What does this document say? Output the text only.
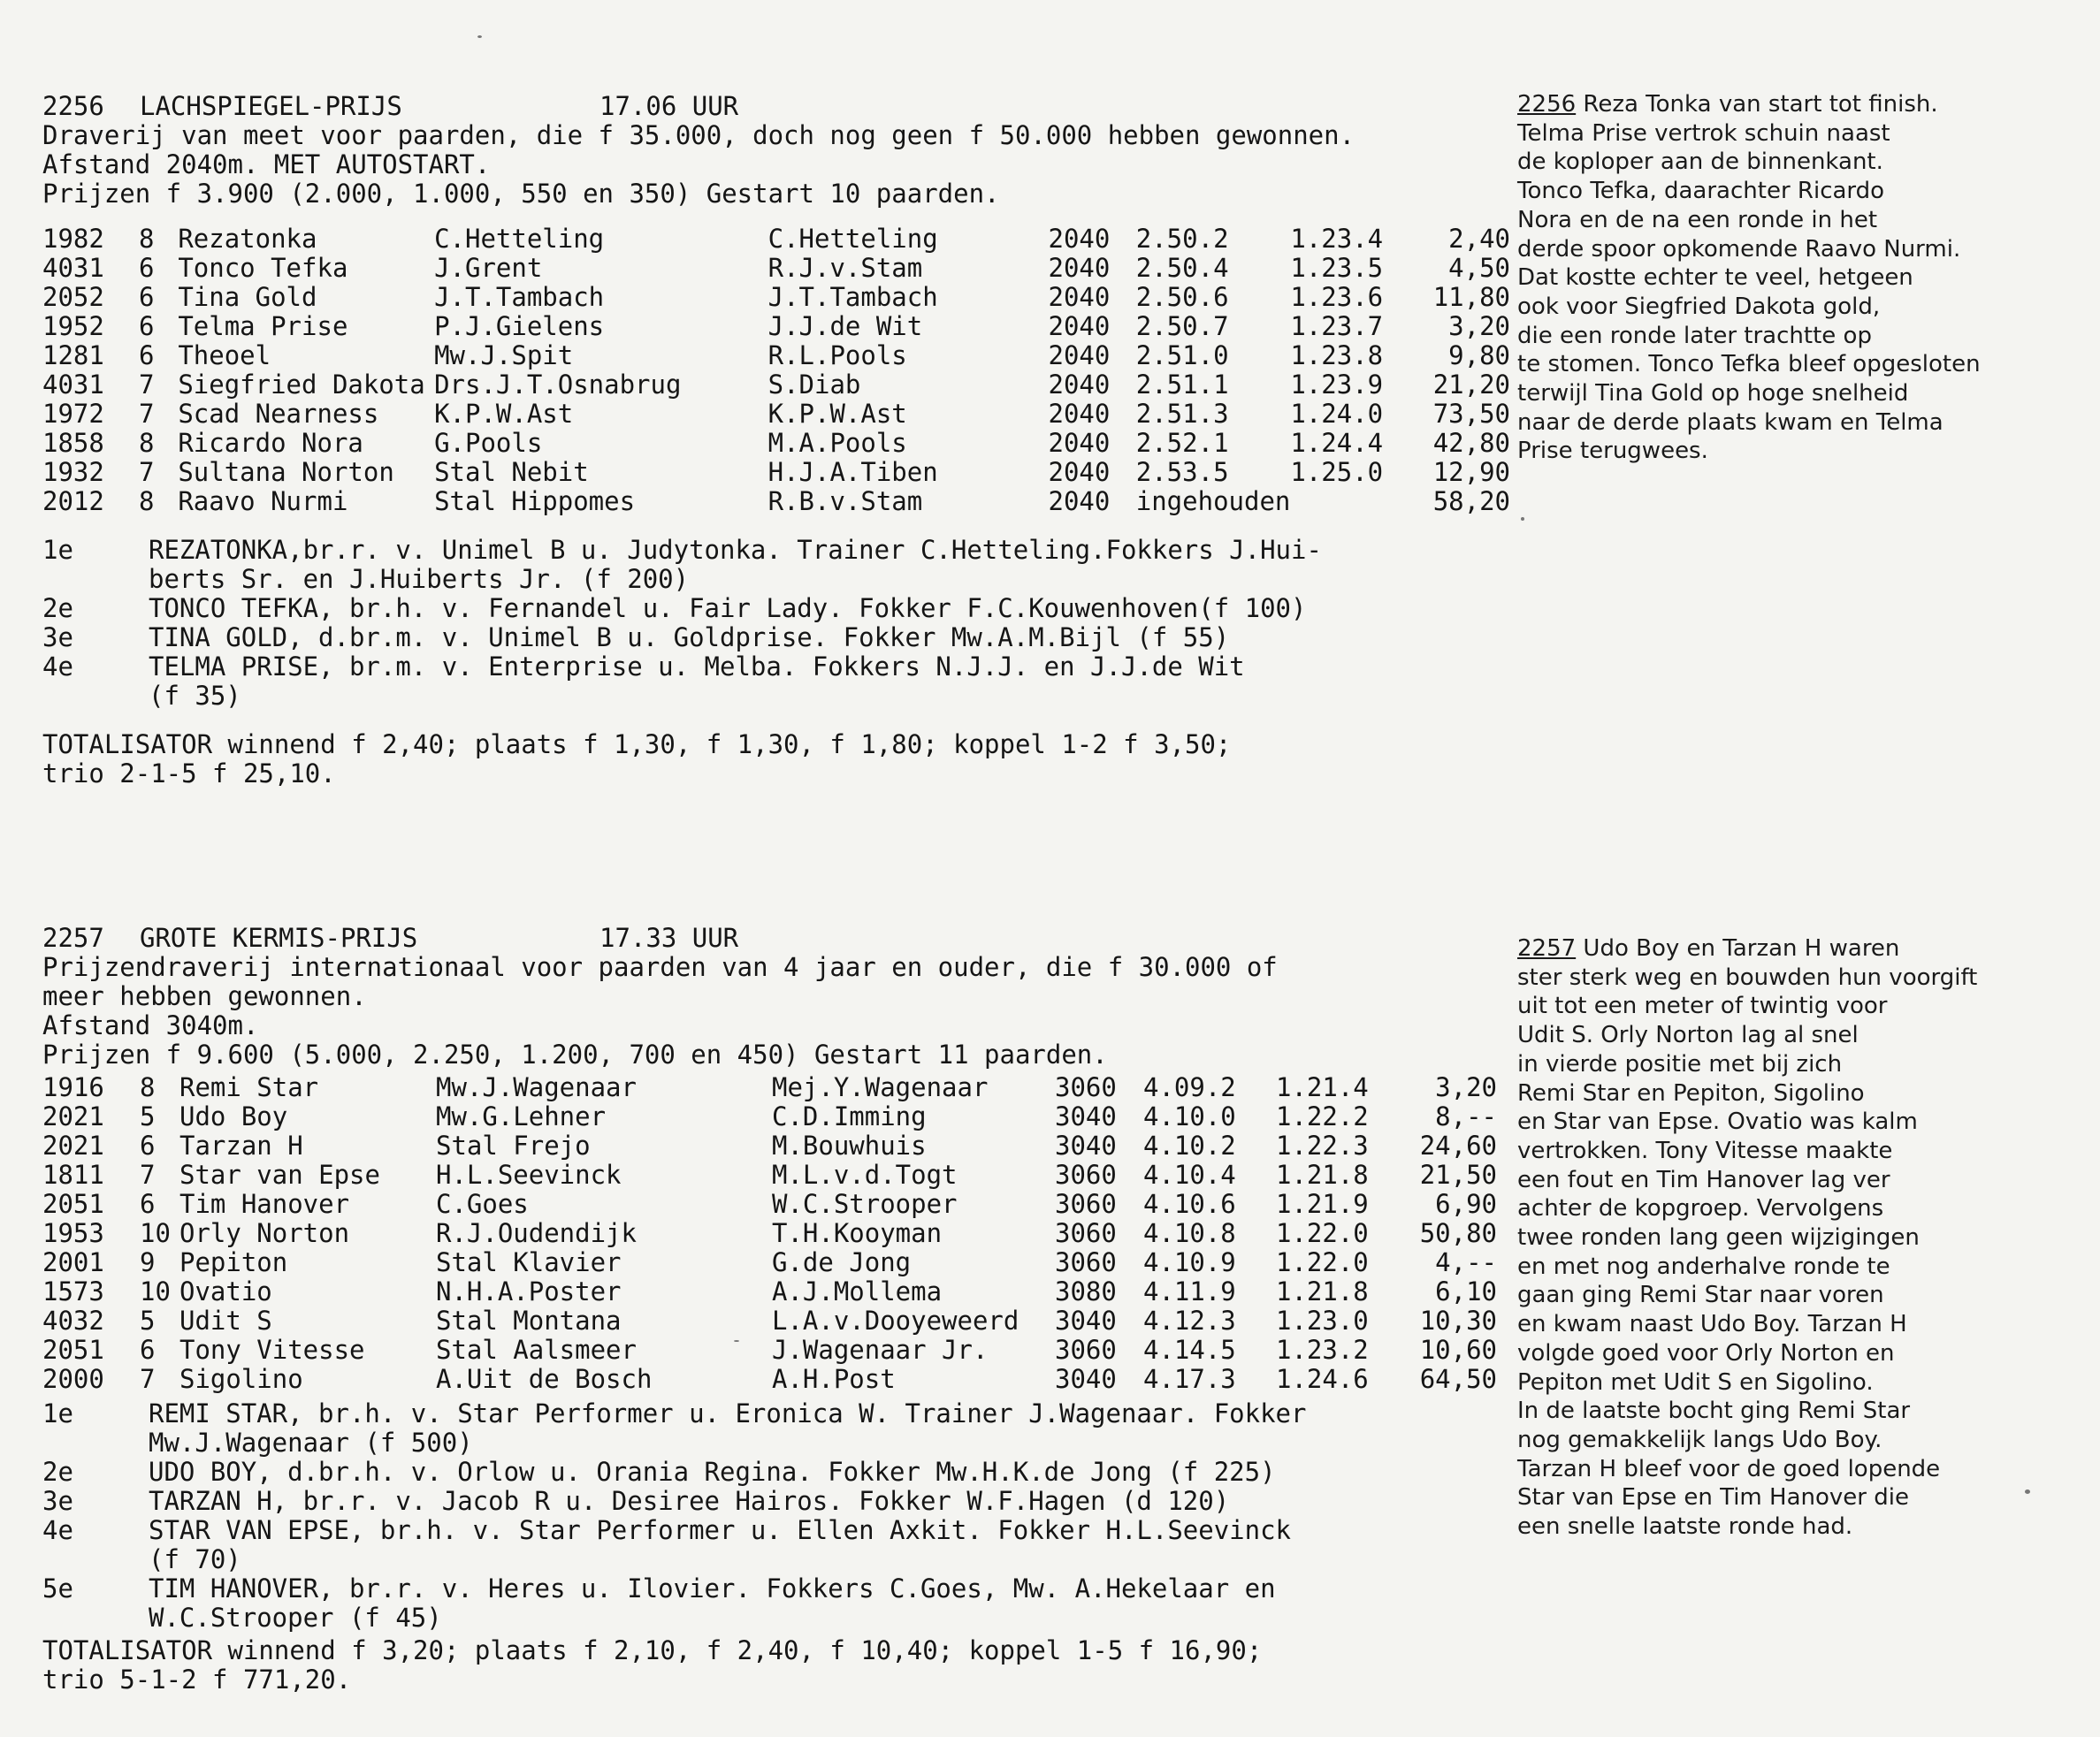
2256 LACHSPIEGEL-PRIJS	17.06 UUR
Draverij van meet voor paarden, die f 35.000, doch nog geen f 50.000 hebben gewonnen.
Afstand 2040m. MET AUTOSTART.
Prijzen f 3.900 (2.000, 1.000, 550 en 350) Gestart 10 paarden.
1982	8	Rezatonka	C.Hetteling	C.Hetteling	2040	2.50.2	1.23.4	2,40
4031	6	Tonco Tefka	J.Grent	R.J.v.Stam	2040	2.50.4	1.23.5	4,50
2052	6	Tina Gold	J.T.Tambach	J.T.Tambach	2040	2.50.6	1.23.6	11,80
1952	6	Telma Prise	P.J.Gielens	J.J.de Wit	2040	2.50.7	1.23.7	3,20
1281	6	Theoel	Mw.J.Spit	R.L.Pools	2040	2.51.0	1.23.8	9,80
4031	7	Siegfried Dakota	Drs.J.T.Osnabrug	S.Diab	2040	2.51.1	1.23.9	21,20
1972	7	Scad Nearness	K.P.W.Ast	K.P.W.Ast	2040	2.51.3	1.24.0	73,50
1858	8	Ricardo Nora	G.Pools	M.A.Pools	2040	2.52.1	1.24.4	42,80
1932	7	Sultana Norton	Stal Nebit	H.J.A.Tiben	2040	2.53.5	1.25.0	12,90
2012	8	Raavo Nurmi	Stal Hippomes	R.B.v.Stam	2040	ingehouden		58,20
1e	REZATONKA,br.r. v. Unimel B u. Judytonka. Trainer C.Hetteling.Fokkers J.Hui-
berts Sr. en J.Huiberts Jr. (f 200)
2e	TONCO TEFKA, br.h. v. Fernandel u. Fair Lady. Fokker F.C.Kouwenhoven(f 100)
3e	TINA GOLD, d.br.m. v. Unimel B u. Goldprise. Fokker Mw.A.M.Bijl (f 55)
4e	TELMA PRISE, br.m. v. Enterprise u. Melba. Fokkers N.J.J. en J.J.de Wit
(f 35)
TOTALISATOR winnend f 2,40; plaats f 1,30, f 1,30, f 1,80; koppel 1-2 f 3,50;
trio 2-1-5 f 25,10.
2256 Reza Tonka van start tot finish.
Telma Prise vertrok schuin naast
de koploper aan de binnenkant.
Tonco Tefka, daarachter Ricardo
Nora en de na een ronde in het
derde spoor opkomende Raavo Nurmi.
Dat kostte echter te veel, hetgeen
ook voor Siegfried Dakota gold,
die een ronde later trachtte op
te stomen. Tonco Tefka bleef opgesloten
terwijl Tina Gold op hoge snelheid
naar de derde plaats kwam en Telma
Prise terugwees.
2257 GROTE KERMIS-PRIJS	17.33 UUR
Prijzendraverij internationaal voor paarden van 4 jaar en ouder, die f 30.000 of
meer hebben gewonnen.
Afstand 3040m.
Prijzen f 9.600 (5.000, 2.250, 1.200, 700 en 450) Gestart 11 paarden.
1916	8	Remi Star	Mw.J.Wagenaar	Mej.Y.Wagenaar	3060	4.09.2	1.21.4	3,20
2021	5	Udo Boy	Mw.G.Lehner	C.D.Imming	3040	4.10.0	1.22.2	8,--
2021	6	Tarzan H	Stal Frejo	M.Bouwhuis	3040	4.10.2	1.22.3	24,60
1811	7	Star van Epse	H.L.Seevinck	M.L.v.d.Togt	3060	4.10.4	1.21.8	21,50
2051	6	Tim Hanover	C.Goes	W.C.Strooper	3060	4.10.6	1.21.9	6,90
1953	10	Orly Norton	R.J.Oudendijk	T.H.Kooyman	3060	4.10.8	1.22.0	50,80
2001	9	Pepiton	Stal Klavier	G.de Jong	3060	4.10.9	1.22.0	4,--
1573	10	Ovatio	N.H.A.Poster	A.J.Mollema	3080	4.11.9	1.21.8	6,10
4032	5	Udit S	Stal Montana	L.A.v.Dooyeweerd	3040	4.12.3	1.23.0	10,30
2051	6	Tony Vitesse	Stal Aalsmeer	J.Wagenaar Jr.	3060	4.14.5	1.23.2	10,60
2000	7	Sigolino	A.Uit de Bosch	A.H.Post	3040	4.17.3	1.24.6	64,50
1e	REMI STAR, br.h. v. Star Performer u. Eronica W. Trainer J.Wagenaar. Fokker
Mw.J.Wagenaar (f 500)
2e	UDO BOY, d.br.h. v. Orlow u. Orania Regina. Fokker Mw.H.K.de Jong (f 225)
3e	TARZAN H, br.r. v. Jacob R u. Desiree Hairos. Fokker W.F.Hagen (d 120)
4e	STAR VAN EPSE, br.h. v. Star Performer u. Ellen Axkit. Fokker H.L.Seevinck
(f 70)
5e	TIM HANOVER, br.r. v. Heres u. Ilovier. Fokkers C.Goes, Mw. A.Hekelaar en
W.C.Strooper (f 45)
TOTALISATOR winnend f 3,20; plaats f 2,10, f 2,40, f 10,40; koppel 1-5 f 16,90;
trio 5-1-2 f 771,20.
2257 Udo Boy en Tarzan H waren
ster sterk weg en bouwden hun voorgift
uit tot een meter of twintig voor
Udit S. Orly Norton lag al snel
in vierde positie met bij zich
Remi Star en Pepiton, Sigolino
en Star van Epse. Ovatio was kalm
vertrokken. Tony Vitesse maakte
een fout en Tim Hanover lag ver
achter de kopgroep. Vervolgens
twee ronden lang geen wijzigingen
en met nog anderhalve ronde te
gaan ging Remi Star naar voren
en kwam naast Udo Boy. Tarzan H
volgde goed voor Orly Norton en
Pepiton met Udit S en Sigolino.
In de laatste bocht ging Remi Star
nog gemakkelijk langs Udo Boy.
Tarzan H bleef voor de goed lopende
Star van Epse en Tim Hanover die
een snelle laatste ronde had.
